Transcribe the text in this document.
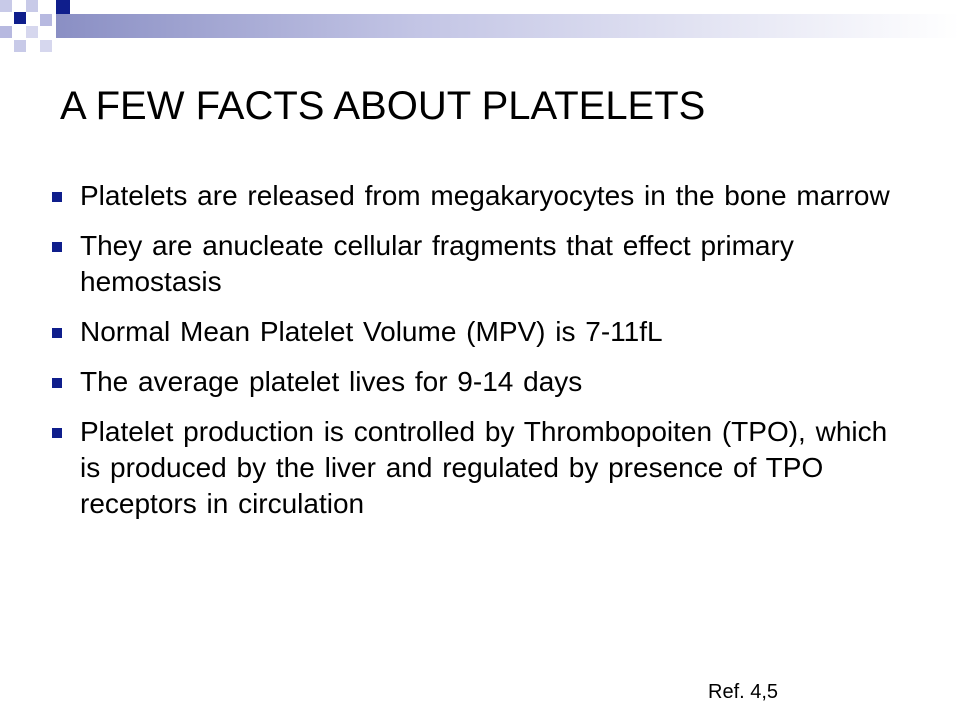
A FEW FACTS ABOUT PLATELETS
Platelets are released from megakaryocytes in the bone marrow
They are anucleate cellular fragments that effect primary hemostasis
Normal Mean Platelet Volume (MPV) is 7-11fL
The average platelet lives for 9-14 days
Platelet production is controlled by Thrombopoiten (TPO), which is produced by the liver and regulated by presence of TPO receptors in circulation
Ref. 4,5
